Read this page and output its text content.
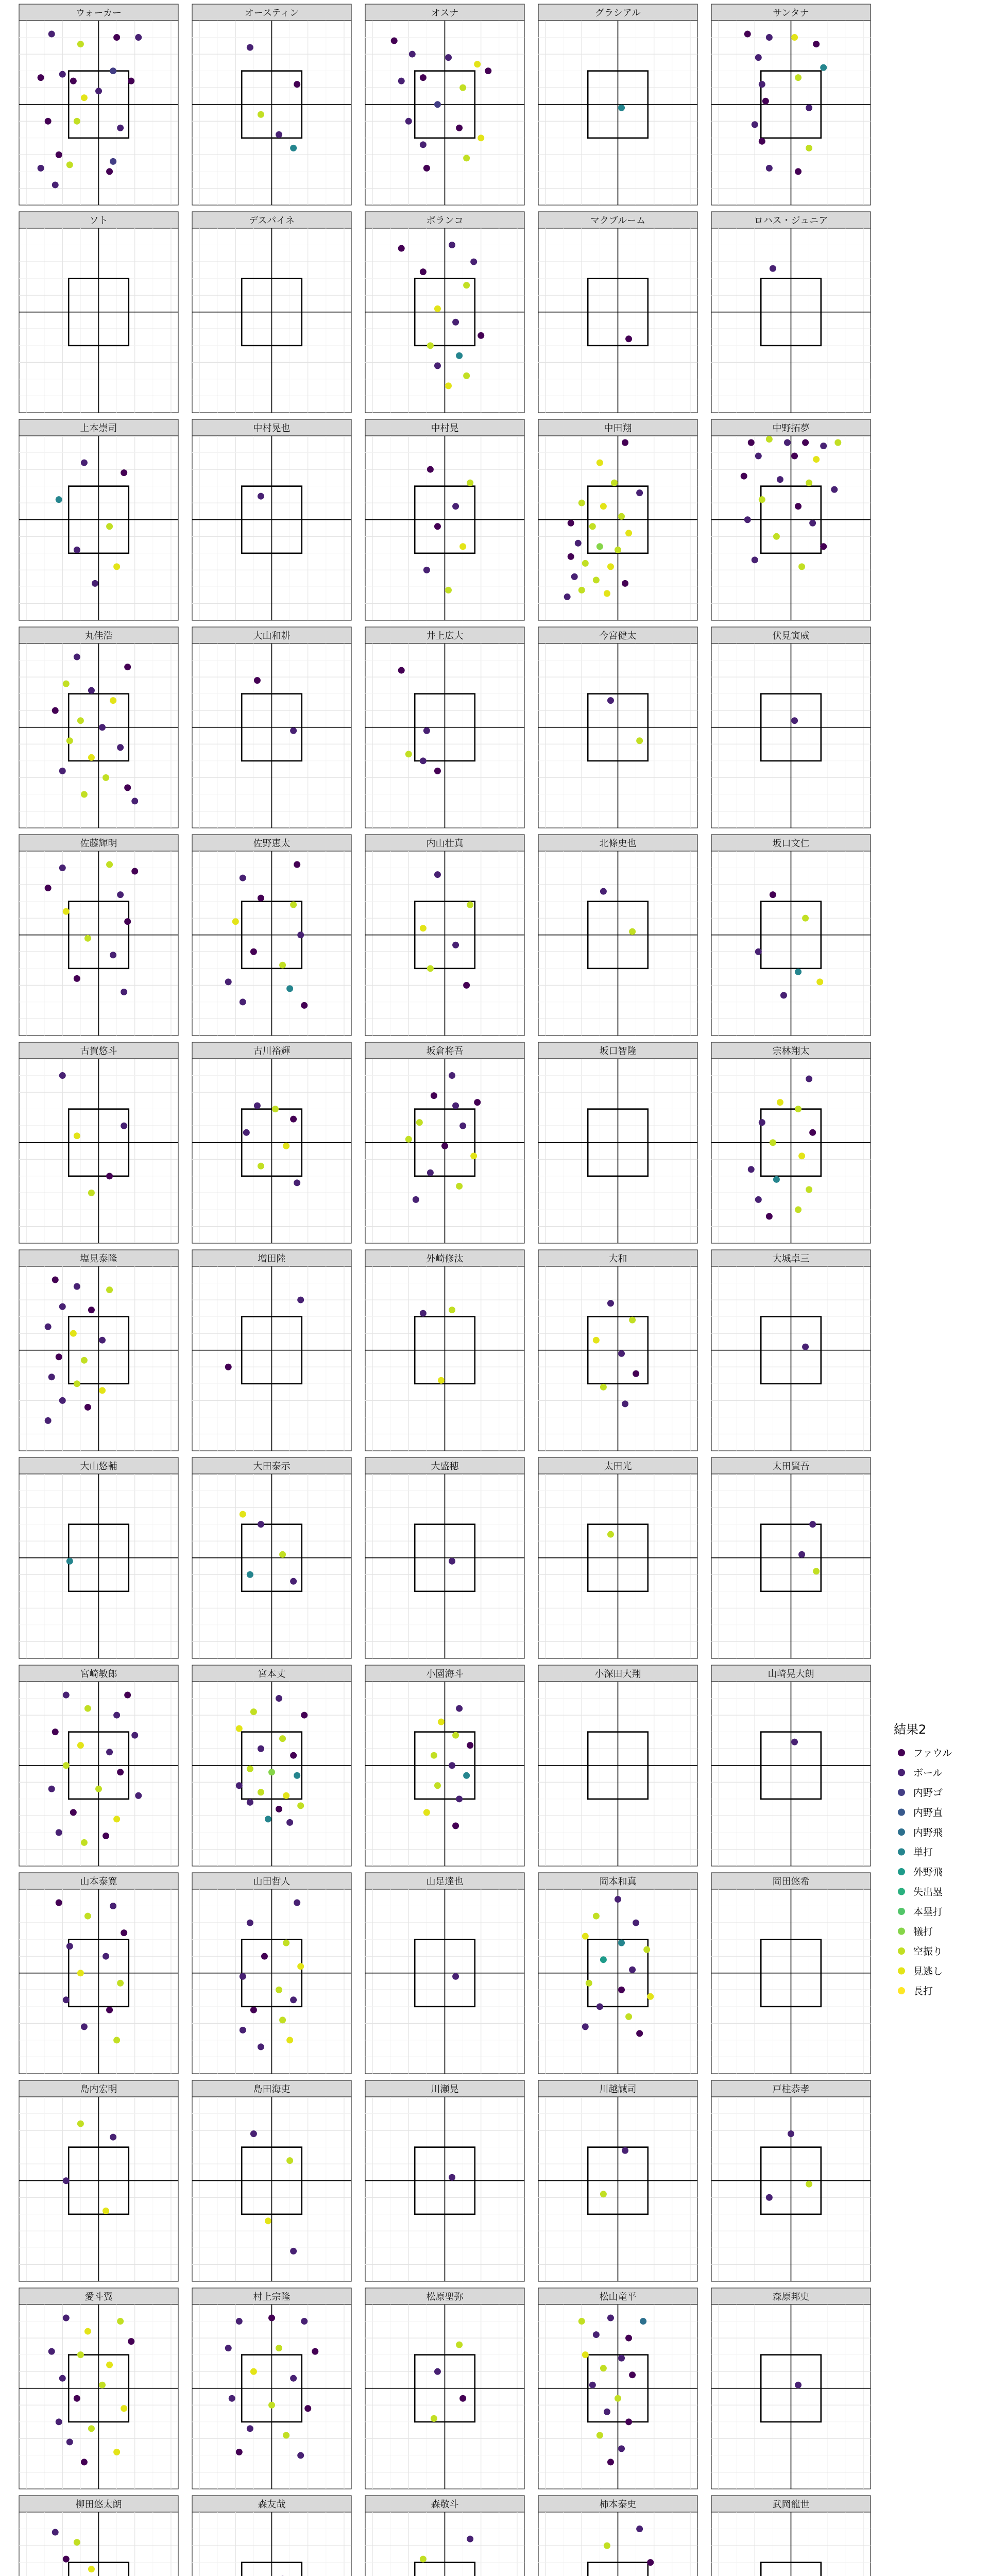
ウォーカー	オースティン	オスナ	グラシアル	サンタナ
ソト	デスパイネ	ポランコ	マクブルーム	ロハス・ジュニア
上本崇司	中村晃也	中村晃	中田翔	中野拓夢
丸佳浩	大山和耕	井上広大	今宮健太	伏見寅威
佐藤輝明	佐野恵太	内山壮真	北條史也	坂口文仁
古賀悠斗	古川裕輝	坂倉将吾	坂口智隆	宗林翔太
塩見泰隆	増田陸	外崎修汰	大和	大城卓三
大山悠輔	大田泰示	大盛穂	太田光	太田賢吾
宮崎敏郎	宮本丈	小園海斗	小深田大翔	山崎晃大朗
山本泰寛	山田哲人	山足達也	岡本和真	岡田悠希
島内宏明	島田海吏	川瀬晃	川越誠司	戸柱恭孝
愛斗翼	村上宗隆	松原聖弥	松山竜平	森原邦史
柳田悠太朗	森友哉	森敬斗	柿本泰史	武岡龍世
結果2
ファウル
ボール
内野ゴ
内野直
内野飛
単打
外野飛
失出塁
本塁打
犠打
空振り
見逃し
長打
